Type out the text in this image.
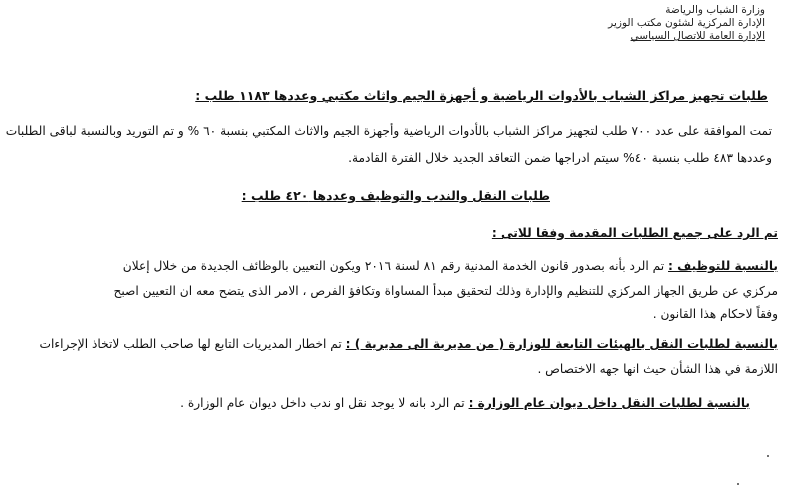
وزارة الشباب والرياضة
الإدارة المركزية لشئون مكتب الوزير
الإدارة العامة للاتصال السياسي
طلبات تجهيز مراكز الشباب بالأدوات الرياضية و أجهزة الجيم واثاث مكتبي وعددها ١١٨٣ طلب :
تمت الموافقة على عدد ٧٠٠ طلب لتجهيز مراكز الشباب بالأدوات الرياضية وأجهزة الجيم والاثاث المكتبي بنسبة ٦٠ % و تم التوريد وبالنسبة لباقى الطلبات
وعددها ٤٨٣ طلب بنسبة ٤٠% سيتم ادراجها ضمن التعاقد الجديد خلال الفترة القادمة.
طلبات النقل والندب والتوظيف وعددها ٤٢٠ طلب :
تم الرد على جميع الطلبات المقدمة وفقا للاتى :
بالنسبة للتوظيف : تم الرد بأنه بصدور قانون الخدمة المدنية رقم ٨١ لسنة ٢٠١٦ ويكون التعيين بالوظائف الجديدة من خلال إعلان
مركزي عن طريق الجهاز المركزي للتنظيم والإدارة وذلك لتحقيق مبدأ المساواة وتكافؤ الفرص ، الامر الذى يتضح معه ان التعيين اصبح
وفقاً لاحكام هذا القانون .
بالنسبة لطلبات النقل بالهيئات التابعة للوزارة ( من مديرية الى مديرية ) : تم اخطار المديريات التابع لها صاحب الطلب لاتخاذ الإجراءات
اللازمة في هذا الشأن حيث انها جهه الاختصاص .
بالنسبة لطلبات النقل داخل ديوان عام الوزارة : تم الرد بانه لا يوجد نقل او ندب داخل ديوان عام الوزارة .
